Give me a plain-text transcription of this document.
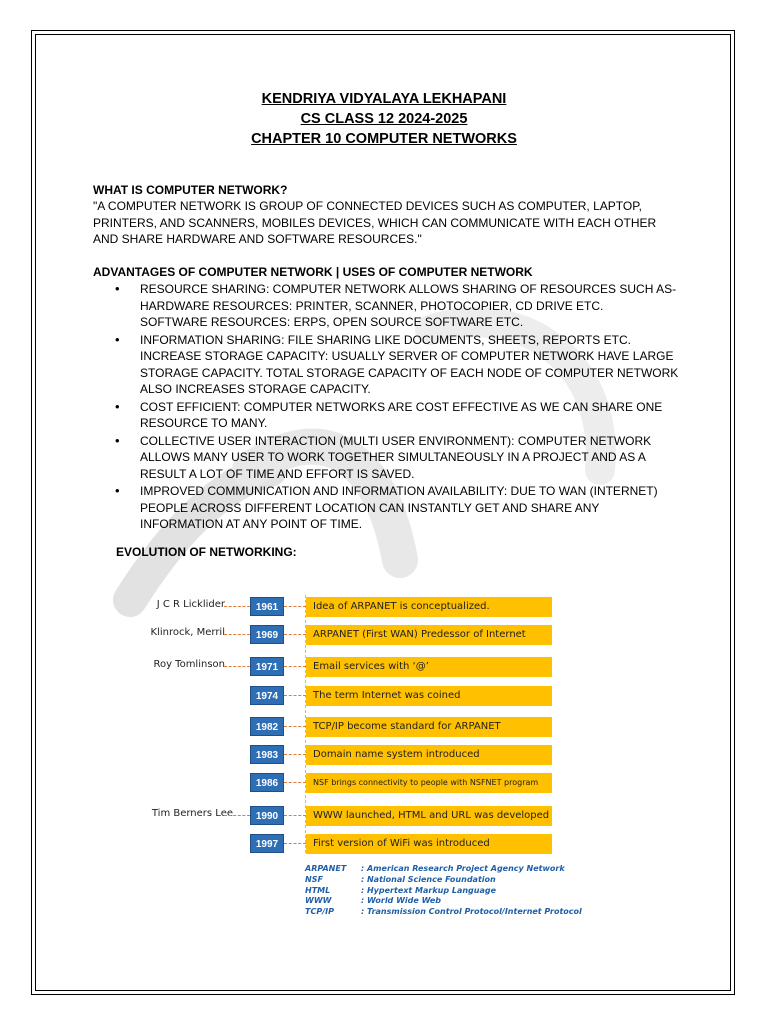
KENDRIYA VIDYALAYA LEKHAPANI
CS CLASS 12 2024-2025
CHAPTER 10 COMPUTER NETWORKS
WHAT IS COMPUTER NETWORK?
"A COMPUTER NETWORK IS GROUP OF CONNECTED DEVICES SUCH AS COMPUTER, LAPTOP, PRINTERS, AND SCANNERS, MOBILES DEVICES, WHICH CAN COMMUNICATE WITH EACH OTHER AND SHARE HARDWARE AND SOFTWARE RESOURCES."
ADVANTAGES OF COMPUTER NETWORK | USES OF COMPUTER NETWORK
• RESOURCE SHARING: COMPUTER NETWORK ALLOWS SHARING OF RESOURCES SUCH AS-HARDWARE RESOURCES: PRINTER, SCANNER, PHOTOCOPIER, CD DRIVE ETC.
SOFTWARE RESOURCES: ERPS, OPEN SOURCE SOFTWARE ETC.
• INFORMATION SHARING: FILE SHARING LIKE DOCUMENTS, SHEETS, REPORTS ETC. INCREASE STORAGE CAPACITY: USUALLY SERVER OF COMPUTER NETWORK HAVE LARGE STORAGE CAPACITY. TOTAL STORAGE CAPACITY OF EACH NODE OF COMPUTER NETWORK ALSO INCREASES STORAGE CAPACITY.
• COST EFFICIENT: COMPUTER NETWORKS ARE COST EFFECTIVE AS WE CAN SHARE ONE RESOURCE TO MANY.
• COLLECTIVE USER INTERACTION (MULTI USER ENVIRONMENT): COMPUTER NETWORK ALLOWS MANY USER TO WORK TOGETHER SIMULTANEOUSLY IN A PROJECT AND AS A RESULT A LOT OF TIME AND EFFORT IS SAVED.
• IMPROVED COMMUNICATION AND INFORMATION AVAILABILITY: DUE TO WAN (INTERNET) PEOPLE ACROSS DIFFERENT LOCATION CAN INSTANTLY GET AND SHARE ANY INFORMATION AT ANY POINT OF TIME.
EVOLUTION OF NETWORKING:
J C R Licklider	1961	Idea of ARPANET is conceptualized.
Klinrock, Merril	1969	ARPANET (First WAN) Predessor of Internet
Roy Tomlinson	1971	Email services with ‘@’
1974	The term Internet was coined
1982	TCP/IP become standard for ARPANET
1983	Domain name system introduced
1986	NSF brings connectivity to people with NSFNET program
Tim Berners Lee	1990	WWW launched, HTML and URL was developed
1997	First version of WiFi was introduced
ARPANET : American Research Project Agency Network
NSF	: National Science Foundation
HTML	: Hypertext Markup Language
WWW	: World Wide Web
TCP/IP	: Transmission Control Protocol/Internet Protocol
